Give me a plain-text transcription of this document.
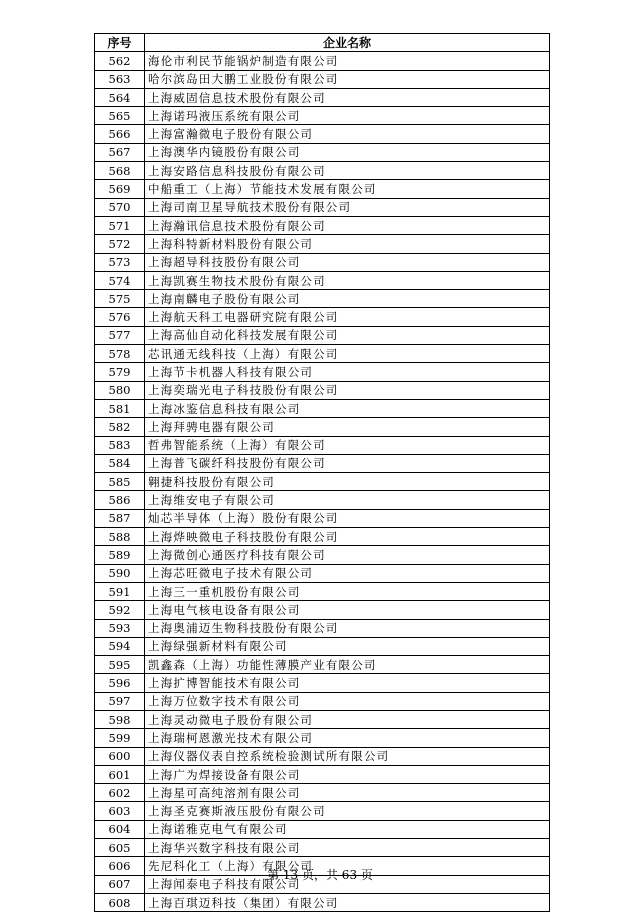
序号	企业名称
562	海伦市利民节能锅炉制造有限公司
563	哈尔滨岛田大鹏工业股份有限公司
564	上海威固信息技术股份有限公司
565	上海诺玛液压系统有限公司
566	上海富瀚微电子股份有限公司
567	上海澳华内镜股份有限公司
568	上海安路信息科技股份有限公司
569	中船重工（上海）节能技术发展有限公司
570	上海司南卫星导航技术股份有限公司
571	上海瀚讯信息技术股份有限公司
572	上海科特新材料股份有限公司
573	上海超导科技股份有限公司
574	上海凯赛生物技术股份有限公司
575	上海南麟电子股份有限公司
576	上海航天科工电器研究院有限公司
577	上海高仙自动化科技发展有限公司
578	芯讯通无线科技（上海）有限公司
579	上海节卡机器人科技有限公司
580	上海奕瑞光电子科技股份有限公司
581	上海冰鉴信息科技有限公司
582	上海拜骋电器有限公司
583	哲弗智能系统（上海）有限公司
584	上海普飞碳纤科技股份有限公司
585	翱捷科技股份有限公司
586	上海维安电子有限公司
587	灿芯半导体（上海）股份有限公司
588	上海烨映微电子科技股份有限公司
589	上海微创心通医疗科技有限公司
590	上海芯旺微电子技术有限公司
591	上海三一重机股份有限公司
592	上海电气核电设备有限公司
593	上海奥浦迈生物科技股份有限公司
594	上海绿强新材料有限公司
595	凯鑫森（上海）功能性薄膜产业有限公司
596	上海扩博智能技术有限公司
597	上海万位数字技术有限公司
598	上海灵动微电子股份有限公司
599	上海瑞柯恩激光技术有限公司
600	上海仪器仪表自控系统检验测试所有限公司
601	上海广为焊接设备有限公司
602	上海星可高纯溶剂有限公司
603	上海圣克赛斯液压股份有限公司
604	上海诺雅克电气有限公司
605	上海华兴数字科技有限公司
606	先尼科化工（上海）有限公司
607	上海闻泰电子科技有限公司
608	上海百琪迈科技（集团）有限公司
第 13 页，共 63 页
